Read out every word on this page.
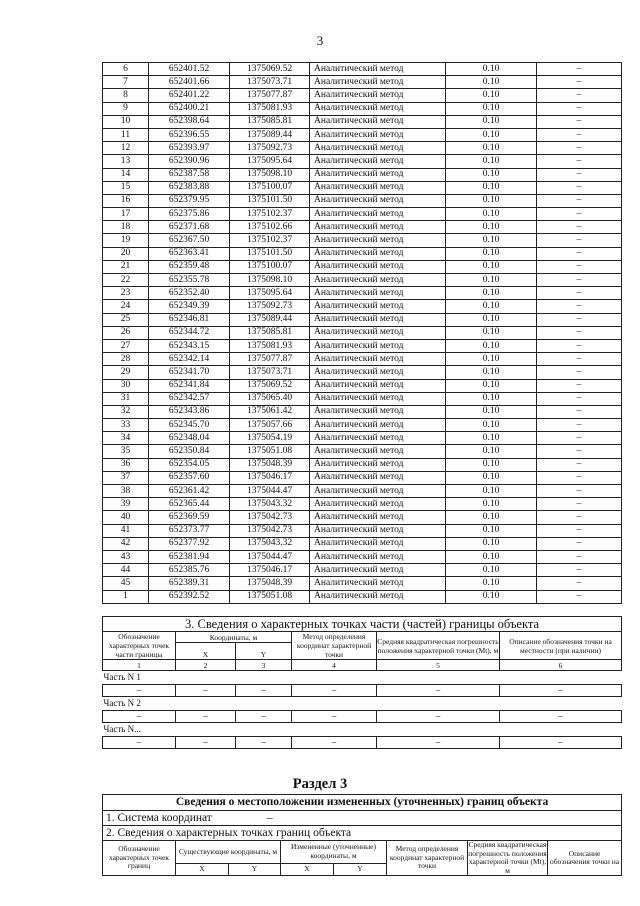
3
6	652401.52	1375069.52	Аналитический метод	0.10	–
7	652401.66	1375073.71	Аналитический метод	0.10	–
8	652401.22	1375077.87	Аналитический метод	0.10	–
9	652400.21	1375081.93	Аналитический метод	0.10	–
10	652398.64	1375085.81	Аналитический метод	0.10	–
11	652396.55	1375089.44	Аналитический метод	0.10	–
12	652393.97	1375092.73	Аналитический метод	0.10	–
13	652390.96	1375095.64	Аналитический метод	0.10	–
14	652387.58	1375098.10	Аналитический метод	0.10	–
15	652383.88	1375100.07	Аналитический метод	0.10	–
16	652379.95	1375101.50	Аналитический метод	0.10	–
17	652375.86	1375102.37	Аналитический метод	0.10	–
18	652371.68	1375102.66	Аналитический метод	0.10	–
19	652367.50	1375102.37	Аналитический метод	0.10	–
20	652363.41	1375101.50	Аналитический метод	0.10	–
21	652359.48	1375100.07	Аналитический метод	0.10	–
22	652355.78	1375098.10	Аналитический метод	0.10	–
23	652352.40	1375095.64	Аналитический метод	0.10	–
24	652349.39	1375092.73	Аналитический метод	0.10	–
25	652346.81	1375089.44	Аналитический метод	0.10	–
26	652344.72	1375085.81	Аналитический метод	0.10	–
27	652343.15	1375081.93	Аналитический метод	0.10	–
28	652342.14	1375077.87	Аналитический метод	0.10	–
29	652341.70	1375073.71	Аналитический метод	0.10	–
30	652341.84	1375069.52	Аналитический метод	0.10	–
31	652342.57	1375065.40	Аналитический метод	0.10	–
32	652343.86	1375061.42	Аналитический метод	0.10	–
33	652345.70	1375057.66	Аналитический метод	0.10	–
34	652348.04	1375054.19	Аналитический метод	0.10	–
35	652350.84	1375051.08	Аналитический метод	0.10	–
36	652354.05	1375048.39	Аналитический метод	0.10	–
37	652357.60	1375046.17	Аналитический метод	0.10	–
38	652361.42	1375044.47	Аналитический метод	0.10	–
39	652365.44	1375043.32	Аналитический метод	0.10	–
40	652369.59	1375042.73	Аналитический метод	0.10	–
41	652373.77	1375042.73	Аналитический метод	0.10	–
42	652377.92	1375043.32	Аналитический метод	0.10	–
43	652381.94	1375044.47	Аналитический метод	0.10	–
44	652385.76	1375046.17	Аналитический метод	0.10	–
45	652389.31	1375048.39	Аналитический метод	0.10	–
1	652392.52	1375051.08	Аналитический метод	0.10	–
3. Сведения о характерных точках части (частей) границы объекта					
Обозначение характерных точек части границы	Координаты, м		Метод определения координат характерной точки	Средняя квадратическая погрешность положения характерной точки (Mt), м	Описание обозначения точки на местности (при наличии)
	X	Y			
1	2	3	4	5	6
Часть N 1					
–	–	–	–	–	–
Часть N 2					
–	–	–	–	–	–
Часть N...					
–	–	–	–	–	–
Раздел 3
Сведения о местоположении измененных (уточненных) границ объекта							
1. Система координат –							
2. Сведения о характерных точках границ объекта							
Обозначение характерных точек границ	Существующие координаты, м		Измененные (уточненные) координаты, м		Метод определения координат характерной точки	Средняя квадратическая погрешность положения характерной точки (Mt), м	Описание обозначения точки на
	X	Y	X	Y			
